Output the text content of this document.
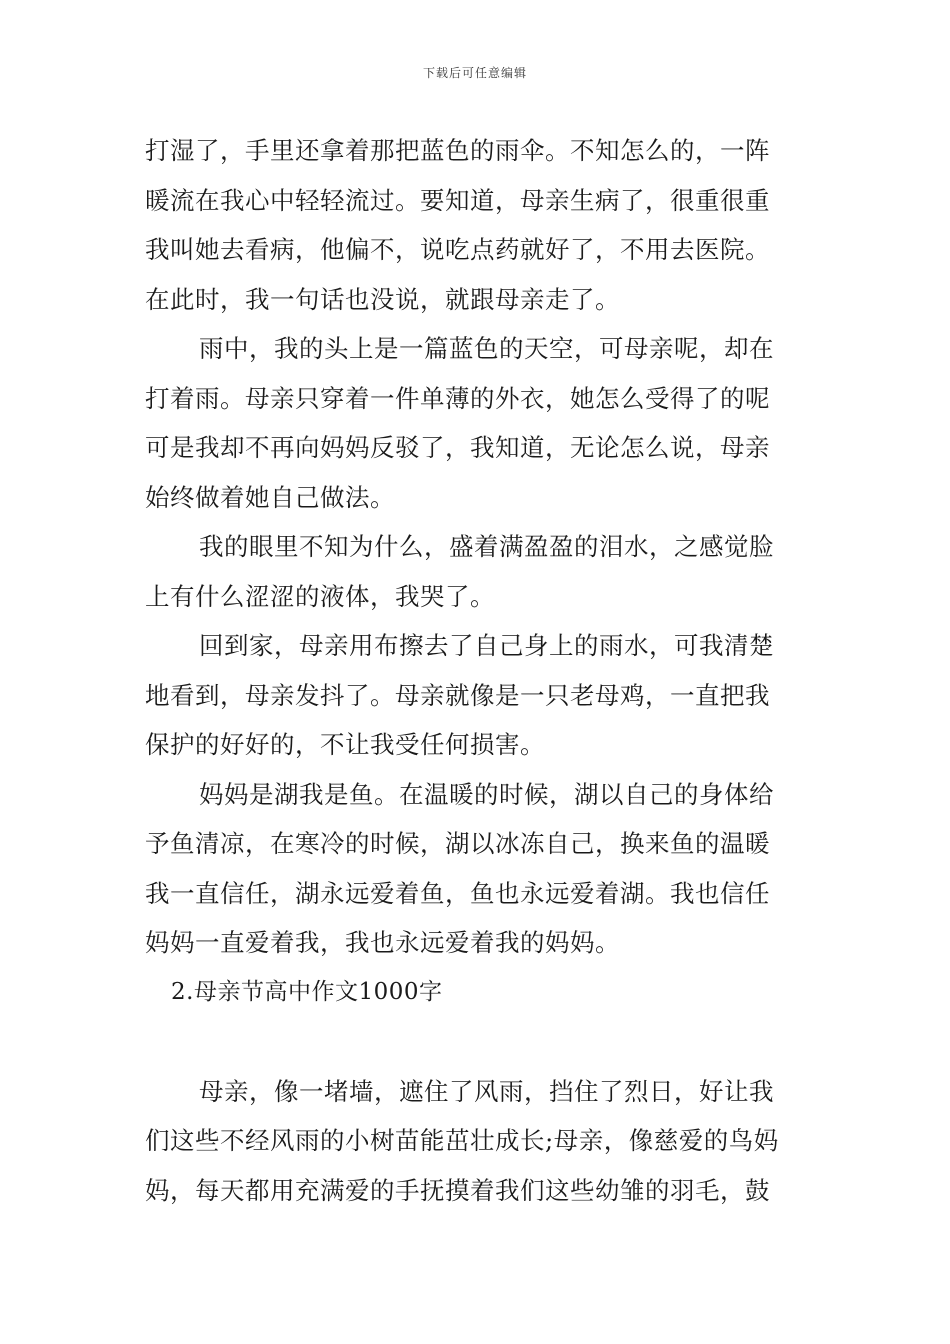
下载后可任意编辑
打湿了，手里还拿着那把蓝色的雨伞。不知怎么的，一阵
暖流在我心中轻轻流过。要知道，母亲生病了，很重很重
我叫她去看病，他偏不，说吃点药就好了，不用去医院。
在此时，我一句话也没说，就跟母亲走了。
雨中，我的头上是一篇蓝色的天空，可母亲呢，却在
打着雨。母亲只穿着一件单薄的外衣，她怎么受得了的呢
可是我却不再向妈妈反驳了，我知道，无论怎么说，母亲
始终做着她自己做法。
我的眼里不知为什么，盛着满盈盈的泪水，之感觉脸
上有什么涩涩的液体，我哭了。
回到家，母亲用布擦去了自己身上的雨水，可我清楚
地看到，母亲发抖了。母亲就像是一只老母鸡，一直把我
保护的好好的，不让我受任何损害。
妈妈是湖我是鱼。在温暖的时候，湖以自己的身体给
予鱼清凉，在寒冷的时候，湖以冰冻自己，换来鱼的温暖
我一直信任，湖永远爱着鱼，鱼也永远爱着湖。我也信任
妈妈一直爱着我，我也永远爱着我的妈妈。
2.母亲节高中作文1000字
母亲，像一堵墙，遮住了风雨，挡住了烈日，好让我
们这些不经风雨的小树苗能茁壮成长;母亲，像慈爱的鸟妈
妈，每天都用充满爱的手抚摸着我们这些幼雏的羽毛，鼓
